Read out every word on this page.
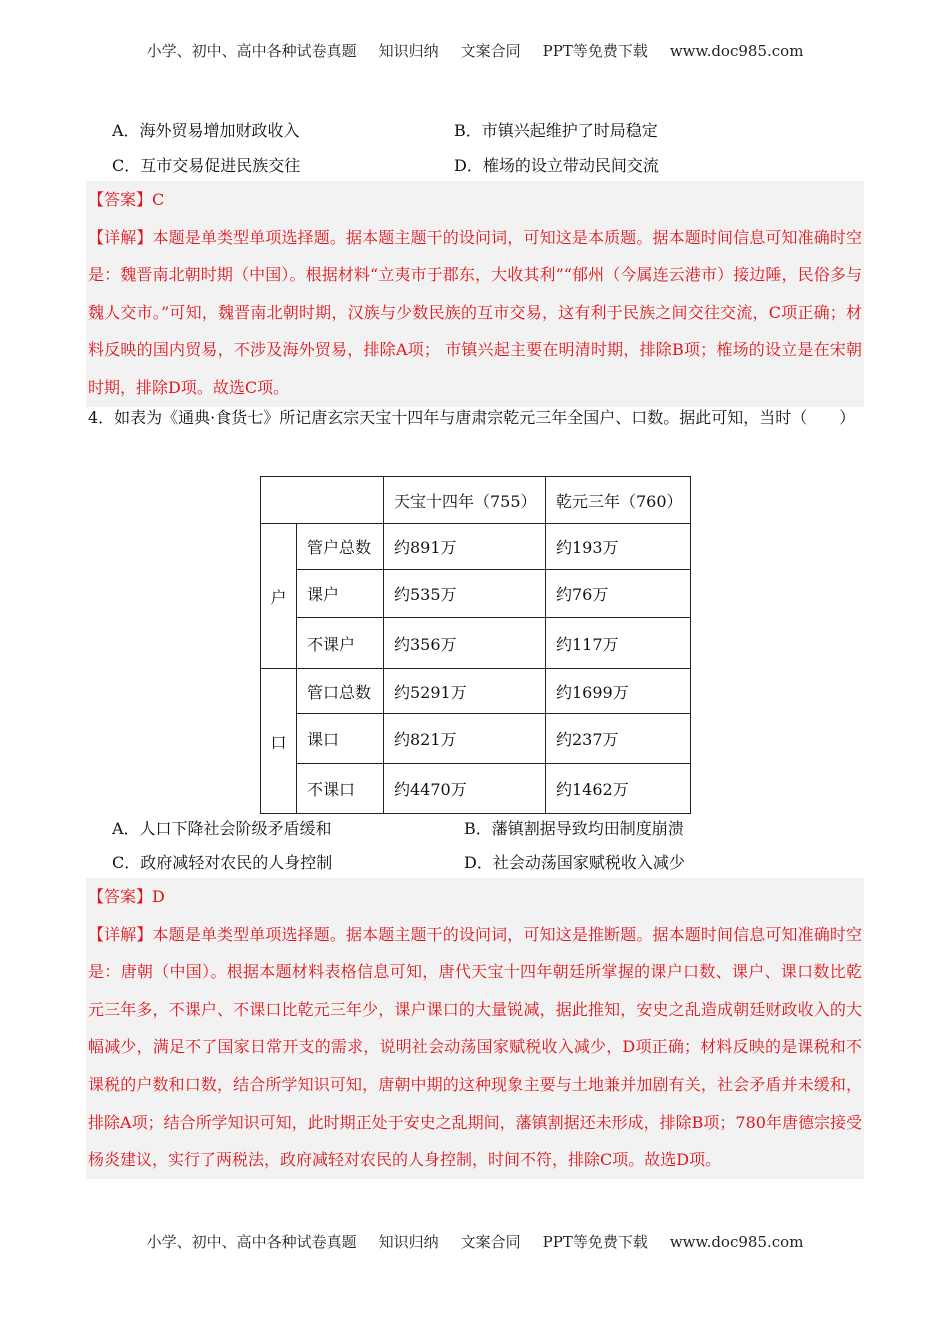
小学、初中、高中各种试卷真题 知识归纳 文案合同 PPT等免费下载 www.doc985.com
A．海外贸易增加财政收入	B．市镇兴起维护了时局稳定
C．互市交易促进民族交往	D．榷场的设立带动民间交流
【答案】C
【详解】本题是单类型单项选择题。据本题主题干的设问词，可知这是本质题。据本题时间信息可知准确时空是：魏晋南北朝时期（中国）。根据材料“立夷市于郡东，大收其利”“郁州（今属连云港市）接边陲，民俗多与魏人交市。”可知，魏晋南北朝时期，汉族与少数民族的互市交易，这有利于民族之间交往交流，C项正确；材料反映的国内贸易，不涉及海外贸易，排除A项； 市镇兴起主要在明清时期，排除B项；榷场的设立是在宋朝时期，排除D项。故选C项。
4．如表为《通典·食货七》所记唐玄宗天宝十四年与唐肃宗乾元三年全国户、口数。据此可知，当时（　　）
		天宝十四年（755）	乾元三年（760）
户	管户总数	约891万	约193万
	课户	约535万	约76万
	不课户	约356万	约117万
口	管口总数	约5291万	约1699万
	课口	约821万	约237万
	不课口	约4470万	约1462万
A．人口下降社会阶级矛盾缓和	B．藩镇割据导致均田制度崩溃
C．政府减轻对农民的人身控制	D．社会动荡国家赋税收入减少
【答案】D
【详解】本题是单类型单项选择题。据本题主题干的设问词，可知这是推断题。据本题时间信息可知准确时空是：唐朝（中国）。根据本题材料表格信息可知，唐代天宝十四年朝廷所掌握的课户口数、课户、课口数比乾元三年多，不课户、不课口比乾元三年少，课户课口的大量锐减，据此推知，安史之乱造成朝廷财政收入的大幅减少，满足不了国家日常开支的需求，说明社会动荡国家赋税收入减少，D项正确；材料反映的是课税和不课税的户数和口数，结合所学知识可知，唐朝中期的这种现象主要与土地兼并加剧有关，社会矛盾并未缓和，排除A项；结合所学知识可知，此时期正处于安史之乱期间，藩镇割据还未形成，排除B项；780年唐德宗接受杨炎建议，实行了两税法，政府减轻对农民的人身控制，时间不符，排除C项。故选D项。
小学、初中、高中各种试卷真题 知识归纳 文案合同 PPT等免费下载 www.doc985.com
